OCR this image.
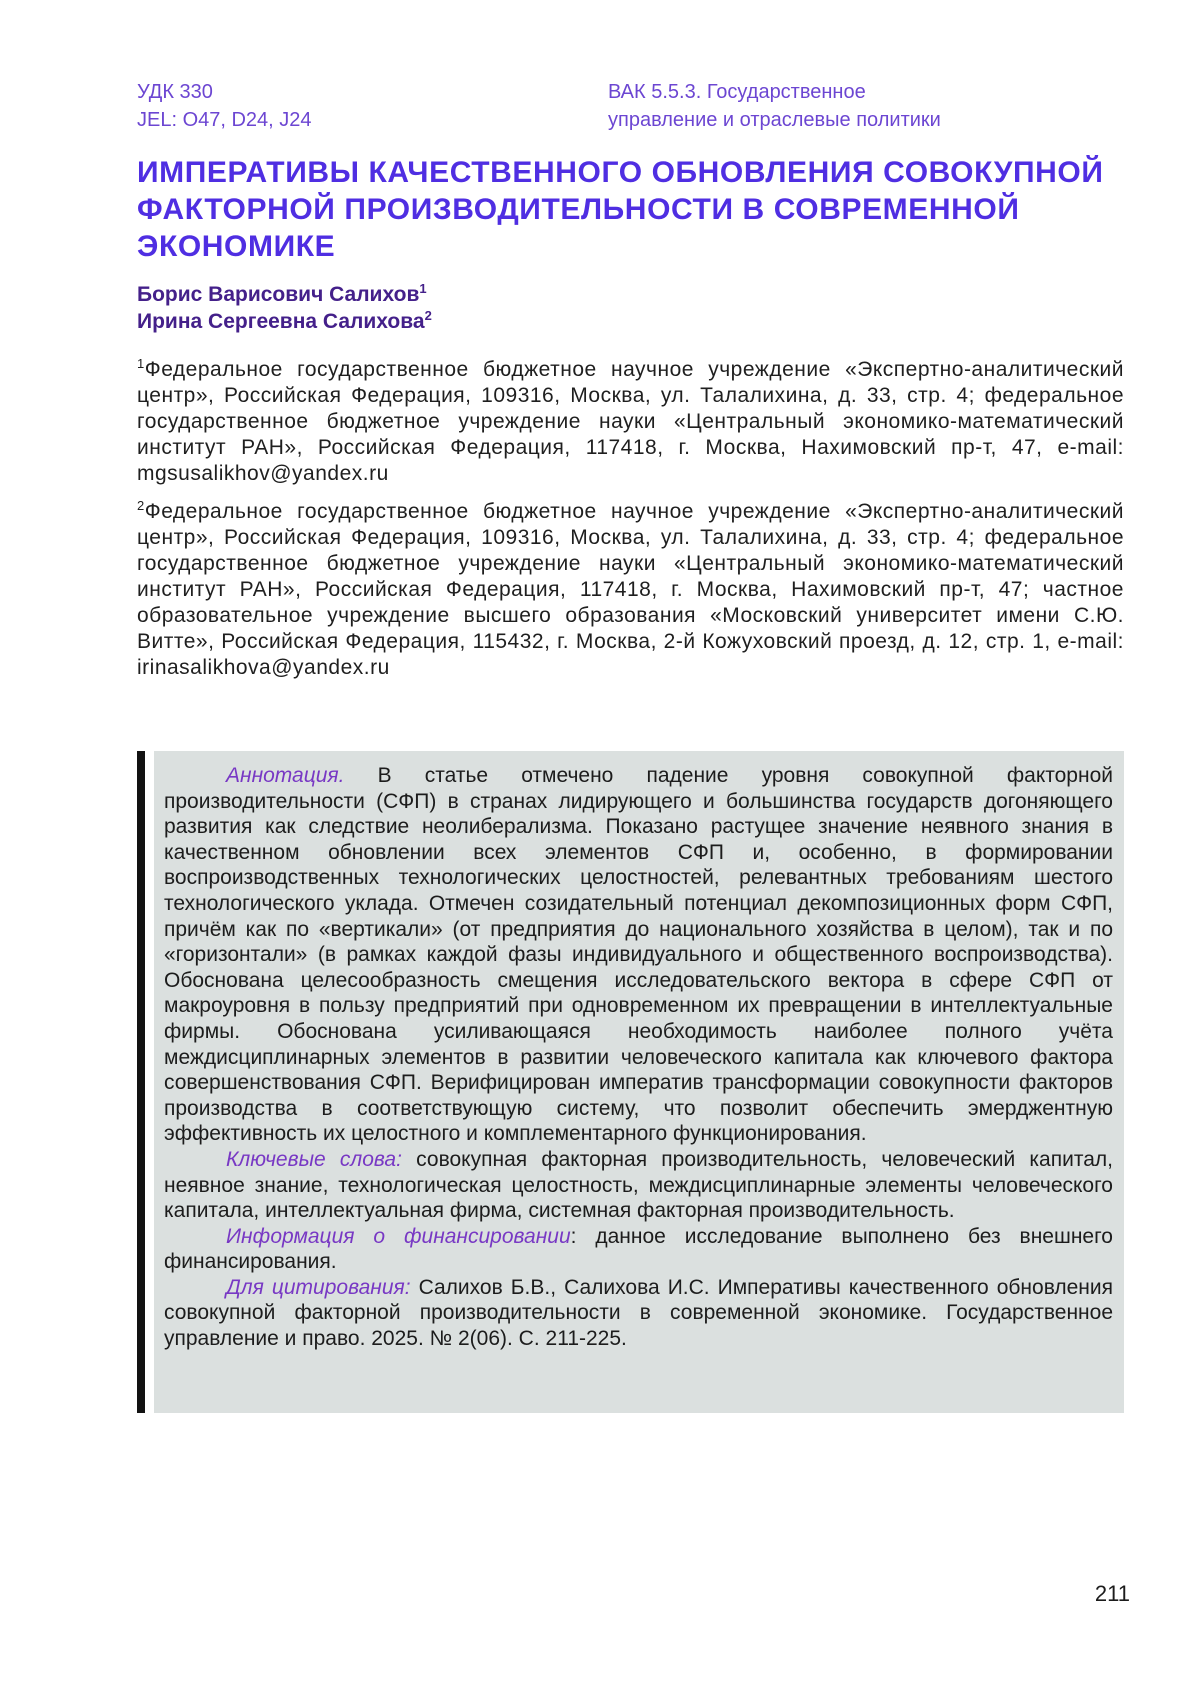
УДК 330
JEL: O47, D24, J24
ВАК 5.5.3. Государственное
управление и отраслевые политики
ИМПЕРАТИВЫ КАЧЕСТВЕННОГО ОБНОВЛЕНИЯ СОВОКУПНОЙ ФАКТОРНОЙ ПРОИЗВОДИТЕЛЬНОСТИ В СОВРЕМЕННОЙ ЭКОНОМИКЕ
Борис Варисович Салихов$^1$
Ирина Сергеевна Салихова$^2$

$^1$Федеральное государственное бюджетное научное учреждение «Экспертно-аналитический центр», Российская Федерация, 109316, Москва, ул. Талалихина, д. 33, стр. 4; федеральное государственное бюджетное учреждение науки «Центральный экономико-математический институт РАН», Российская Федерация, 117418, г. Москва, Нахимовский пр-т, 47, e-mail: mgsusalikhov@yandex.ru

$^2$Федеральное государственное бюджетное научное учреждение «Экспертно-аналитический центр», Российская Федерация, 109316, Москва, ул. Талалихина, д. 33, стр. 4; федеральное государственное бюджетное учреждение науки «Центральный экономико-математический институт РАН», Российская Федерация, 117418, г. Москва, Нахимовский пр-т, 47; частное образовательное учреждение высшего образования «Московский университет имени С.Ю. Витте», Российская Федерация, 115432, г. Москва, 2-й Кожуховский проезд, д. 12, стр. 1, e-mail: irinasalikhova@yandex.ru

Аннотация. В статье отмечено падение уровня совокупной факторной производительности (СФП) в странах лидирующего и большинства государств догоняющего развития как следствие неолиберализма. Показано растущее значение неявного знания в качественном обновлении всех элементов СФП и, особенно, в формировании воспроизводственных технологических целостностей, релевантных требованиям шестого технологического уклада. Отмечен созидательный потенциал декомпозиционных форм СФП, причём как по «вертикали» (от предприятия до национального хозяйства в целом), так и по «горизонтали» (в рамках каждой фазы индивидуального и общественного воспроизводства). Обоснована целесообразность смещения исследовательского вектора в сфере СФП от макроуровня в пользу предприятий при одновременном их превращении в интеллектуальные фирмы. Обоснована усиливающаяся необходимость наиболее полного учёта междисциплинарных элементов в развитии человеческого капитала как ключевого фактора совершенствования СФП. Верифицирован императив трансформации совокупности факторов производства в соответствующую систему, что позволит обеспечить эмерджентную эффективность их целостного и комплементарного функционирования.

Ключевые слова: совокупная факторная производительность, человеческий капитал, неявное знание, технологическая целостность, междисциплинарные элементы человеческого капитала, интеллектуальная фирма, системная факторная производительность.

Информация о финансировании: данное исследование выполнено без внешнего финансирования.

Для цитирования: Салихов Б.В., Салихова И.С. Императивы качественного обновления совокупной факторной производительности в современной экономике. Государственное управление и право. 2025. № 2(06). С. 211-225.

211
